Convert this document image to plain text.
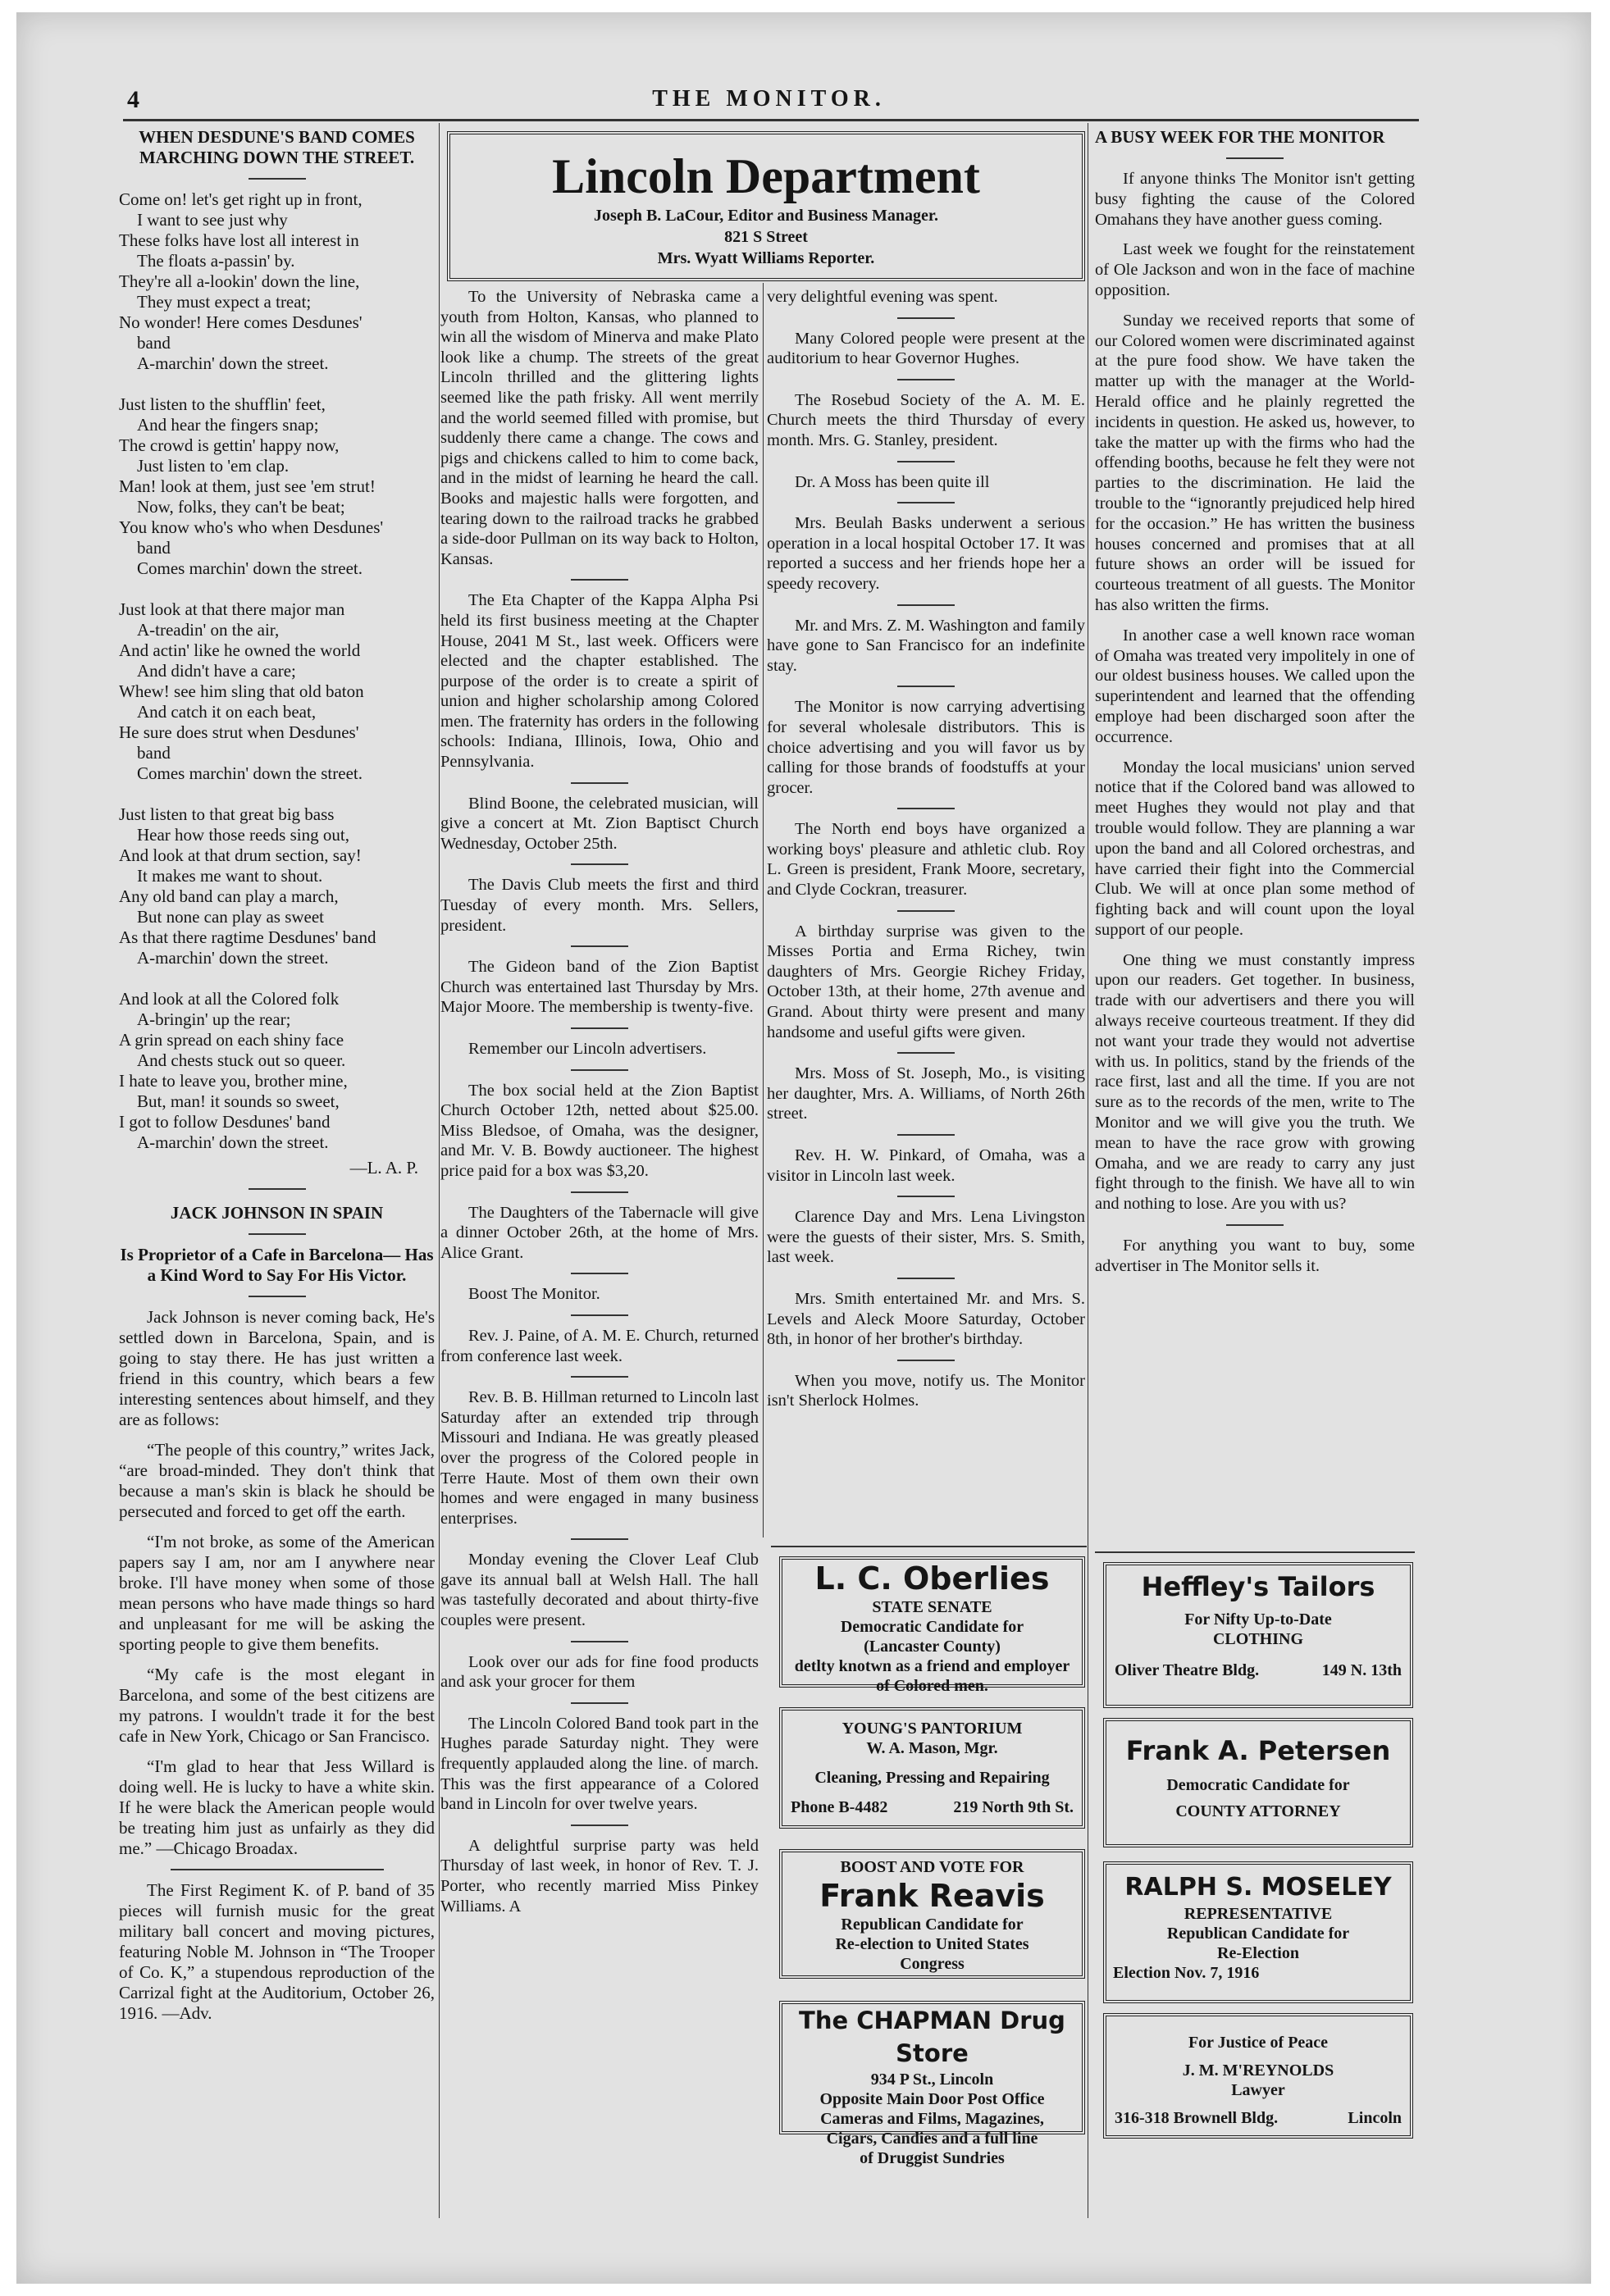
4	THE MONITOR.
WHEN DESDUNE'S BAND COMES MARCHING DOWN THE STREET.
Come on! let's get right up in front,
I want to see just why
These folks have lost all interest in
The floats a-passin' by.
They're all a-lookin' down the line,
They must expect a treat;
No wonder! Here comes Desdunes'
band
A-marchin' down the street.
Just listen to the shufflin' feet,
And hear the fingers snap;
The crowd is gettin' happy now,
Just listen to 'em clap.
Man! look at them, just see 'em strut!
Now, folks, they can't be beat;
You know who's who when Desdunes'
band
Comes marchin' down the street.
Just look at that there major man
A-treadin' on the air,
And actin' like he owned the world
And didn't have a care;
Whew! see him sling that old baton
And catch it on each beat,
He sure does strut when Desdunes'
band
Comes marchin' down the street.
Just listen to that great big bass
Hear how those reeds sing out,
And look at that drum section, say!
It makes me want to shout.
Any old band can play a march,
But none can play as sweet
As that there ragtime Desdunes' band
A-marchin' down the street.
And look at all the Colored folk
A-bringin' up the rear;
A grin spread on each shiny face
And chests stuck out so queer.
I hate to leave you, brother mine,
But, man! it sounds so sweet,
I got to follow Desdunes' band
A-marchin' down the street.
—L. A. P.
JACK JOHNSON IN SPAIN
Is Proprietor of a Cafe in Barcelona— Has a Kind Word to Say For His Victor.

Jack Johnson is never coming back, He's settled down in Barcelona, Spain, and is going to stay there. He has just written a friend in this country, which bears a few interesting sentences about himself, and they are as follows:

“The people of this country,” writes Jack, “are broad-minded. They don't think that because a man's skin is black he should be persecuted and forced to get off the earth.

“I'm not broke, as some of the American papers say I am, nor am I anywhere near broke. I'll have money when some of those mean persons who have made things so hard and unpleasant for me will be asking the sporting people to give them benefits.

“My cafe is the most elegant in Barcelona, and some of the best citizens are my patrons. I wouldn't trade it for the best cafe in New York, Chicago or San Francisco.

“I'm glad to hear that Jess Willard is doing well. He is lucky to have a white skin. If he were black the American people would be treating him just as unfairly as they did me.” —Chicago Broadax.

The First Regiment K. of P. band of 35 pieces will furnish music for the great military ball concert and moving pictures, featuring Noble M. Johnson in “The Trooper of Co. K,” a stupendous reproduction of the Carrizal fight at the Auditorium, October 26, 1916. —Adv.

Lincoln Department
Joseph B. LaCour, Editor and Business Manager.
821 S Street
Mrs. Wyatt Williams Reporter.

To the University of Nebraska came a youth from Holton, Kansas, who planned to win all the wisdom of Minerva and make Plato look like a chump. The streets of the great Lincoln thrilled and the glittering lights seemed like the path frisky. All went merrily and the world seemed filled with promise, but suddenly there came a change. The cows and pigs and chickens called to him to come back, and in the midst of learning he heard the call. Books and majestic halls were forgotten, and tearing down to the railroad tracks he grabbed a side-door Pullman on its way back to Holton, Kansas.

The Eta Chapter of the Kappa Alpha Psi held its first business meeting at the Chapter House, 2041 M St., last week. Officers were elected and the chapter established. The purpose of the order is to create a spirit of union and higher scholarship among Colored men. The fraternity has orders in the following schools: Indiana, Illinois, Iowa, Ohio and Pennsylvania.

Blind Boone, the celebrated musician, will give a concert at Mt. Zion Baptisct Church Wednesday, October 25th.

The Davis Club meets the first and third Tuesday of every month. Mrs. Sellers, president.

The Gideon band of the Zion Baptist Church was entertained last Thursday by Mrs. Major Moore. The membership is twenty-five.

Remember our Lincoln advertisers.

The box social held at the Zion Baptist Church October 12th, netted about $25.00. Miss Bledsoe, of Omaha, was the designer, and Mr. V. B. Bowdy auctioneer. The highest price paid for a box was $3,20.

The Daughters of the Tabernacle will give a dinner October 26th, at the home of Mrs. Alice Grant.

Boost The Monitor.

Rev. J. Paine, of A. M. E. Church, returned from conference last week.

Rev. B. B. Hillman returned to Lincoln last Saturday after an extended trip through Missouri and Indiana. He was greatly pleased over the progress of the Colored people in Terre Haute. Most of them own their own homes and were engaged in many business enterprises.

Monday evening the Clover Leaf Club gave its annual ball at Welsh Hall. The hall was tastefully decorated and about thirty-five couples were present.

Look over our ads for fine food products and ask your grocer for them

The Lincoln Colored Band took part in the Hughes parade Saturday night. They were frequently applauded along the line. of march. This was the first appearance of a Colored band in Lincoln for over twelve years.

A delightful surprise party was held Thursday of last week, in honor of Rev. T. J. Porter, who recently married Miss Pinkey Williams. A

very delightful evening was spent.

Many Colored people were present at the auditorium to hear Governor Hughes.

The Rosebud Society of the A. M. E. Church meets the third Thursday of every month. Mrs. G. Stanley, president.

Dr. A Moss has been quite ill

Mrs. Beulah Basks underwent a serious operation in a local hospital October 17. It was reported a success and her friends hope her a speedy recovery.

Mr. and Mrs. Z. M. Washington and family have gone to San Francisco for an indefinite stay.

The Monitor is now carrying advertising for several wholesale distributors. This is choice advertising and you will favor us by calling for those brands of foodstuffs at your grocer.

The North end boys have organized a working boys' pleasure and athletic club. Roy L. Green is president, Frank Moore, secretary, and Clyde Cockran, treasurer.

A birthday surprise was given to the Misses Portia and Erma Richey, twin daughters of Mrs. Georgie Richey Friday, October 13th, at their home, 27th avenue and Grand. About thirty were present and many handsome and useful gifts were given.

Mrs. Moss of St. Joseph, Mo., is visiting her daughter, Mrs. A. Williams, of North 26th street.

Rev. H. W. Pinkard, of Omaha, was a visitor in Lincoln last week.

Clarence Day and Mrs. Lena Livingston were the guests of their sister, Mrs. S. Smith, last week.

Mrs. Smith entertained Mr. and Mrs. S. Levels and Aleck Moore Saturday, October 8th, in honor of her brother's birthday.

When you move, notify us. The Monitor isn't Sherlock Holmes.

A BUSY WEEK FOR THE MONITOR

If anyone thinks The Monitor isn't getting busy fighting the cause of the Colored Omahans they have another guess coming.

Last week we fought for the reinstatement of Ole Jackson and won in the face of machine opposition.

Sunday we received reports that some of our Colored women were discriminated against at the pure food show. We have taken the matter up with the manager at the World-Herald office and he plainly regretted the incidents in question. He asked us, however, to take the matter up with the firms who had the offending booths, because he felt they were not parties to the discrimination. He laid the trouble to the “ignorantly prejudiced help hired for the occasion.” He has written the business houses concerned and promises that at all future shows an order will be issued for courteous treatment of all guests. The Monitor has also written the firms.

In another case a well known race woman of Omaha was treated very impolitely in one of our oldest business houses. We called upon the superintendent and learned that the offending employe had been discharged soon after the occurrence.

Monday the local musicians' union served notice that if the Colored band was allowed to meet Hughes they would not play and that trouble would follow. They are planning a war upon the band and all Colored orchestras, and have carried their fight into the Commercial Club. We will at once plan some method of fighting back and will count upon the loyal support of our people.

One thing we must constantly impress upon our readers. Get together. In business, trade with our advertisers and there you will always receive courteous treatment. If they did not want your trade they would not advertise with us. In politics, stand by the friends of the race first, last and all the time. If you are not sure as to the records of the men, write to The Monitor and we will give you the truth. We mean to have the race grow with growing Omaha, and we are ready to carry any just fight through to the finish. We have all to win and nothing to lose. Are you with us?

For anything you want to buy, some advertiser in The Monitor sells it.

L. C. Oberlies
STATE SENATE
Democratic Candidate for
(Lancaster County)
detlty knotwn as a friend and employer of Colored men.
YOUNG'S PANTORIUM
W. A. Mason, Mgr.
Cleaning, Pressing and Repairing
Phone B-4482	219 North 9th St.
BOOST AND VOTE FOR
Frank Reavis
Republican Candidate for
Re-election to United States
Congress
The CHAPMAN Drug Store
934 P St., Lincoln
Opposite Main Door Post Office
Cameras and Films, Magazines,
Cigars, Candies and a full line
of Druggist Sundries
Heffley's Tailors
For Nifty Up-to-Date
CLOTHING
Oliver Theatre Bldg.	149 N. 13th
Frank A. Petersen
Democratic Candidate for
COUNTY ATTORNEY
RALPH S. MOSELEY
REPRESENTATIVE
Republican Candidate for
Re-Election
Election Nov. 7, 1916
For Justice of Peace
J. M. M'REYNOLDS
Lawyer
316-318 Brownell Bldg.	Lincoln
